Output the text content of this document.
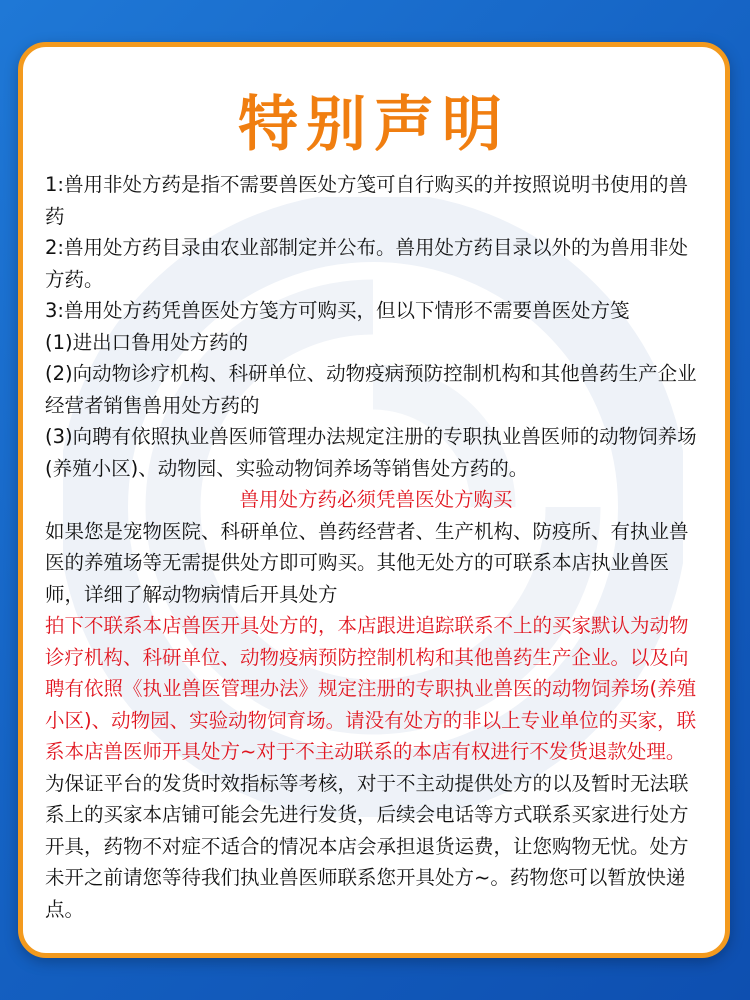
特别声明

1:兽用非处方药是指不需要兽医处方笺可自行购买的并按照说明书使用的兽药

2:兽用处方药目录由农业部制定并公布。兽用处方药目录以外的为兽用非处方药。

3:兽用处方药凭兽医处方笺方可购买，但以下情形不需要兽医处方笺

(1)进出口鲁用处方药的

(2)向动物诊疗机构、科研单位、动物疫病预防控制机构和其他兽药生产企业经营者销售兽用处方药的

(3)向聘有依照执业兽医师管理办法规定注册的专职执业兽医师的动物饲养场(养殖小区)、动物园、实验动物饲养场等销售处方药的。

兽用处方药必须凭兽医处方购买

如果您是宠物医院、科研单位、兽药经营者、生产机构、防疫所、有执业兽医的养殖场等无需提供处方即可购买。其他无处方的可联系本店执业兽医师，详细了解动物病情后开具处方

拍下不联系本店兽医开具处方的，本店跟进追踪联系不上的买家默认为动物诊疗机构、科研单位、动物疫病预防控制机构和其他兽药生产企业。以及向聘有依照《执业兽医管理办法》规定注册的专职执业兽医的动物饲养场(养殖小区)、动物园、实验动物饲育场。请没有处方的非以上专业单位的买家，联系本店兽医师开具处方~对于不主动联系的本店有权进行不发货退款处理。

为保证平台的发货时效指标等考核，对于不主动提供处方的以及暂时无法联系上的买家本店铺可能会先进行发货，后续会电话等方式联系买家进行处方开具，药物不对症不适合的情况本店会承担退货运费，让您购物无忧。处方未开之前请您等待我们执业兽医师联系您开具处方~。药物您可以暂放快递点。
